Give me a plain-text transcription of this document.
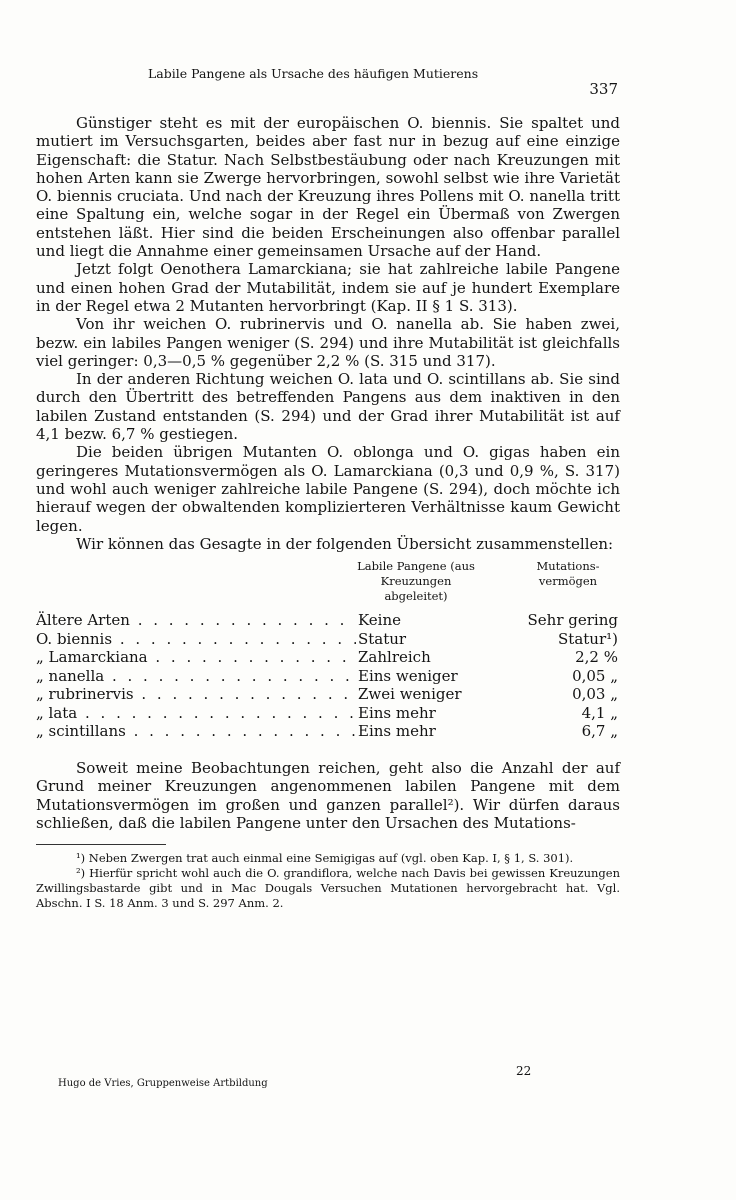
Labile Pangene als Ursache des häufigen Mutierens
337

Günstiger steht es mit der europäischen O. biennis. Sie spaltet und mutiert im Versuchsgarten, beides aber fast nur in bezug auf eine einzige Eigenschaft: die Statur. Nach Selbstbestäubung oder nach Kreuzungen mit hohen Arten kann sie Zwerge hervorbringen, sowohl selbst wie ihre Varietät O. biennis cruciata. Und nach der Kreuzung ihres Pollens mit O. nanella tritt eine Spaltung ein, welche sogar in der Regel ein Übermaß von Zwergen entstehen läßt. Hier sind die beiden Erscheinungen also offenbar parallel und liegt die Annahme einer gemeinsamen Ursache auf der Hand.

Jetzt folgt Oenothera Lamarckiana; sie hat zahlreiche labile Pangene und einen hohen Grad der Mutabilität, indem sie auf je hundert Exemplare in der Regel etwa 2 Mutanten hervorbringt (Kap. II § 1 S. 313).

Von ihr weichen O. rubrinervis und O. nanella ab. Sie haben zwei, bezw. ein labiles Pangen weniger (S. 294) und ihre Mutabilität ist gleichfalls viel geringer: 0,3—0,5 % gegenüber 2,2 % (S. 315 und 317).

In der anderen Richtung weichen O. lata und O. scintillans ab. Sie sind durch den Übertritt des betreffenden Pangens aus dem inaktiven in den labilen Zustand entstanden (S. 294) und der Grad ihrer Mutabilität ist auf 4,1 bezw. 6,7 % gestiegen.

Die beiden übrigen Mutanten O. oblonga und O. gigas haben ein geringeres Mutationsvermögen als O. Lamarckiana (0,3 und 0,9 %, S. 317) und wohl auch weniger zahlreiche labile Pangene (S. 294), doch möchte ich hierauf wegen der obwaltenden komplizierteren Verhältnisse kaum Gewicht legen.

Wir können das Gesagte in der folgenden Übersicht zusammenstellen:

Labile Pangene (aus Kreuzungen abgeleitet)
Mutations-vermögen
Ältere Arten . . .	Keine	Sehr gering
O. biennis . . .	Statur	Statur¹)
„ Lamarckiana . . .	Zahlreich	2,2 %
„ nanella . . .	Eins weniger	0,05 „
„ rubrinervis . . .	Zwei weniger	0,03 „
„ lata . . .	Eins mehr	4,1 „
„ scintillans . . .	Eins mehr	6,7 „

Soweit meine Beobachtungen reichen, geht also die Anzahl der auf Grund meiner Kreuzungen angenommenen labilen Pangene mit dem Mutationsvermögen im großen und ganzen parallel²). Wir dürfen daraus schließen, daß die labilen Pangene unter den Ursachen des Mutations-

¹) Neben Zwergen trat auch einmal eine Semigigas auf (vgl. oben Kap. I, § 1, S. 301).

²) Hierfür spricht wohl auch die O. grandiflora, welche nach Davis bei gewissen Kreuzungen Zwillingsbastarde gibt und in Mac Dougals Versuchen Mutationen hervorgebracht hat. Vgl. Abschn. I S. 18 Anm. 3 und S. 297 Anm. 2.

Hugo de Vries, Gruppenweise Artbildung
22
